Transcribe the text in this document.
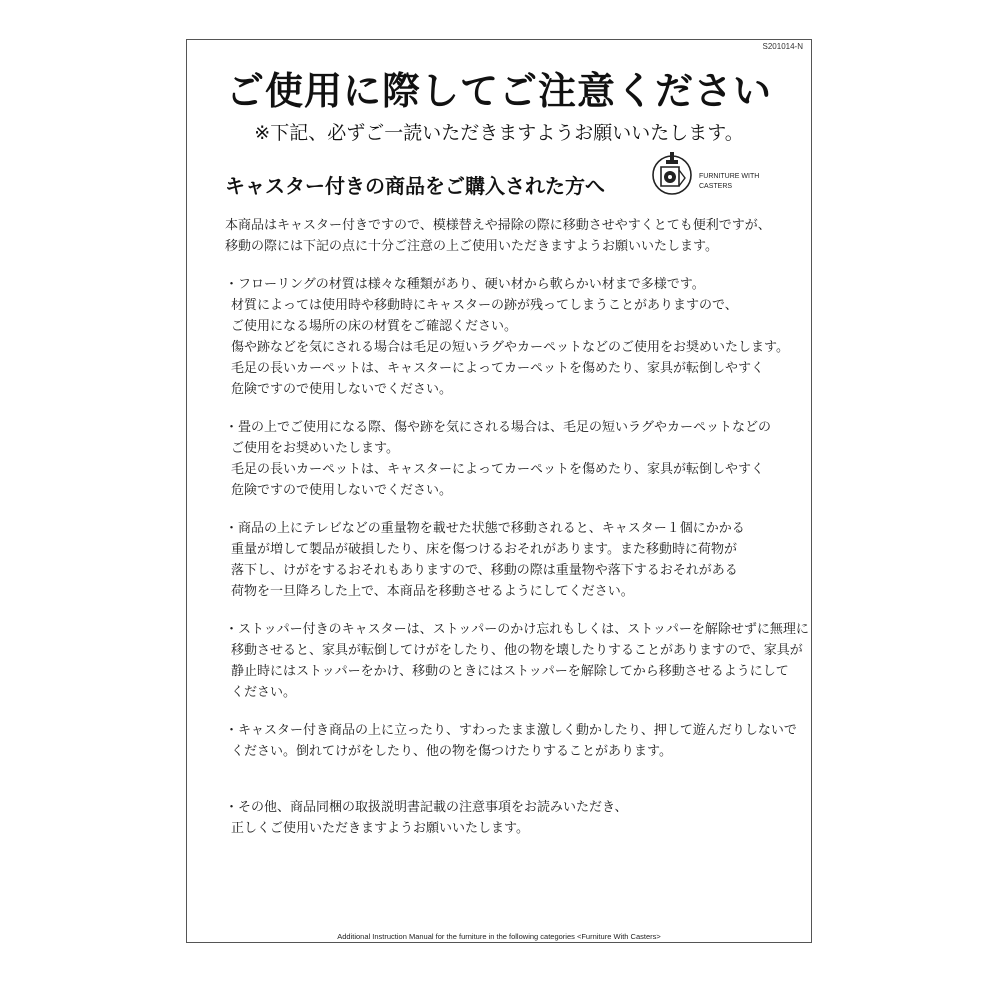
S201014-N
ご使用に際してご注意ください
※下記、必ずご一読いただきますようお願いいたします。
キャスター付きの商品をご購入された方へ	FURNITURE WITH
CASTERS
本商品はキャスター付きですので、模様替えや掃除の際に移動させやすくとても便利ですが、
移動の際には下記の点に十分ご注意の上ご使用いただきますようお願いいたします。
・フローリングの材質は様々な種類があり、硬い材から軟らかい材まで多様です。
材質によっては使用時や移動時にキャスターの跡が残ってしまうことがありますので、
ご使用になる場所の床の材質をご確認ください。
傷や跡などを気にされる場合は毛足の短いラグやカーペットなどのご使用をお奨めいたします。
毛足の長いカーペットは、キャスターによってカーペットを傷めたり、家具が転倒しやすく
危険ですので使用しないでください。
・畳の上でご使用になる際、傷や跡を気にされる場合は、毛足の短いラグやカーペットなどの
ご使用をお奨めいたします。
毛足の長いカーペットは、キャスターによってカーペットを傷めたり、家具が転倒しやすく
危険ですので使用しないでください。
・商品の上にテレビなどの重量物を載せた状態で移動されると、キャスター１個にかかる
重量が増して製品が破損したり、床を傷つけるおそれがあります。また移動時に荷物が
落下し、けがをするおそれもありますので、移動の際は重量物や落下するおそれがある
荷物を一旦降ろした上で、本商品を移動させるようにしてください。
・ストッパー付きのキャスターは、ストッパーのかけ忘れもしくは、ストッパーを解除せずに無理に
移動させると、家具が転倒してけがをしたり、他の物を壊したりすることがありますので、家具が
静止時にはストッパーをかけ、移動のときにはストッパーを解除してから移動させるようにして
ください。
・キャスター付き商品の上に立ったり、すわったまま激しく動かしたり、押して遊んだりしないで
ください。倒れてけがをしたり、他の物を傷つけたりすることがあります。
・その他、商品同梱の取扱説明書記載の注意事項をお読みいただき、
正しくご使用いただきますようお願いいたします。
Additional Instruction Manual for the furniture in the following categories <Furniture With Casters>
